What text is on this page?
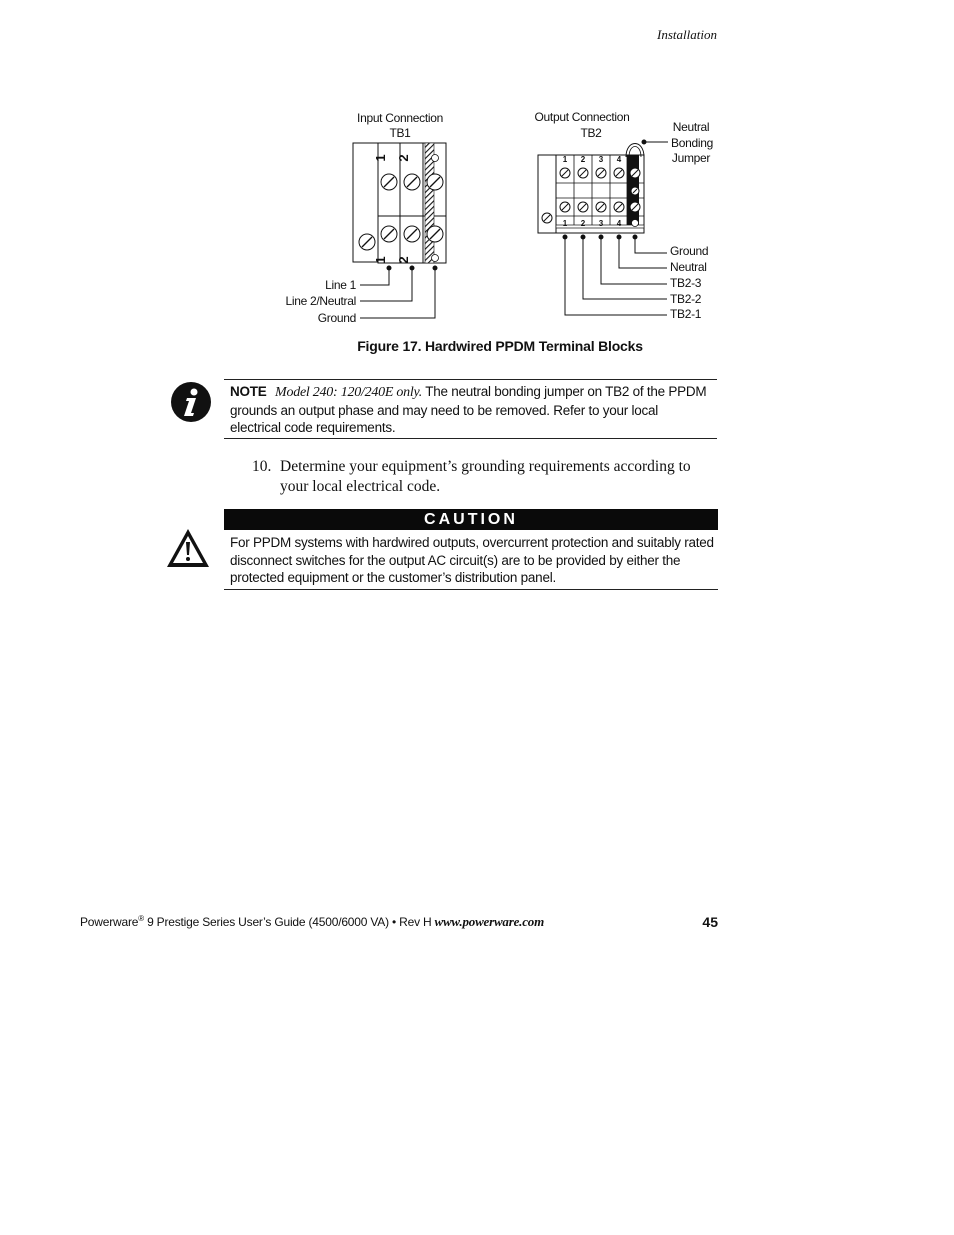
Installation
Input Connection
TB1
1 2
1 2
Line 1
Line 2/Neutral
Ground
Output Connection
TB2	Neutral
Bonding
Jumper
1 2 3 4 5
1 2 3 4
Ground
Neutral
TB2-3
TB2-2
TB2-1
Figure 17. Hardwired PPDM Terminal Blocks
NOTE Model 240: 120/240E only. The neutral bonding jumper on TB2 of the PPDM grounds an output phase and may need to be removed. Refer to your local electrical code requirements.
10. Determine your equipment’s grounding requirements according to your local electrical code.
CAUTION
For PPDM systems with hardwired outputs, overcurrent protection and suitably rated disconnect switches for the output AC circuit(s) are to be provided by either the protected equipment or the customer’s distribution panel.
Powerware® 9 Prestige Series User’s Guide (4500/6000 VA) • Rev H www.powerware.com	45
